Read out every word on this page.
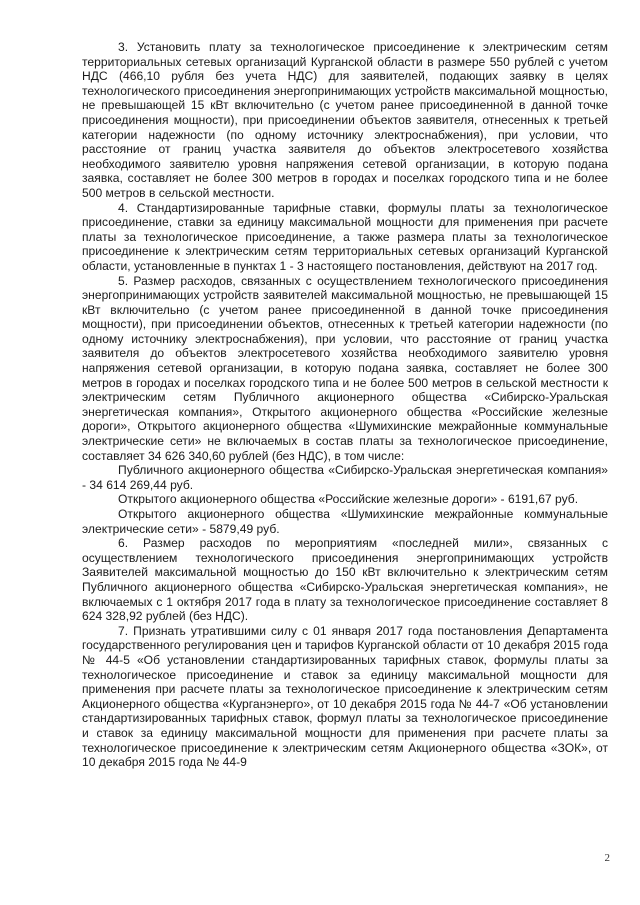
3. Установить плату за технологическое присоединение к электрическим сетям территориальных сетевых организаций Курганской области в размере 550 рублей с учетом НДС (466,10 рубля без учета НДС) для заявителей, подающих заявку в целях технологического присоединения энергопринимающих устройств максимальной мощностью, не превышающей 15 кВт включительно (с учетом ранее присоединенной в данной точке присоединения мощности), при присоединении объектов заявителя, отнесенных к третьей категории надежности (по одному источнику электроснабжения), при условии, что расстояние от границ участка заявителя до объектов электросетевого хозяйства необходимого заявителю уровня напряжения сетевой организации, в которую подана заявка, составляет не более 300 метров в городах и поселках городского типа и не более 500 метров в сельской местности.

4. Стандартизированные тарифные ставки, формулы платы за технологическое присоединение, ставки за единицу максимальной мощности для применения при расчете платы за технологическое присоединение, а также размера платы за технологическое присоединение к электрическим сетям территориальных сетевых организаций Курганской области, установленные в пунктах 1 - 3 настоящего постановления, действуют на 2017 год.

5. Размер расходов, связанных с осуществлением технологического присоединения энергопринимающих устройств заявителей максимальной мощностью, не превышающей 15 кВт включительно (с учетом ранее присоединенной в данной точке присоединения мощности), при присоединении объектов, отнесенных к третьей категории надежности (по одному источнику электроснабжения), при условии, что расстояние от границ участка заявителя до объектов электросетевого хозяйства необходимого заявителю уровня напряжения сетевой организации, в которую подана заявка, составляет не более 300 метров в городах и поселках городского типа и не более 500 метров в сельской местности к электрическим сетям Публичного акционерного общества «Сибирско-Уральская энергетическая компания», Открытого акционерного общества «Российские железные дороги», Открытого акционерного общества «Шумихинские межрайонные коммунальные электрические сети» не включаемых в состав платы за технологическое присоединение, составляет 34 626 340,60 рублей (без НДС), в том числе:

Публичного акционерного общества «Сибирско-Уральская энергетическая компания» - 34 614 269,44 руб.

Открытого акционерного общества «Российские железные дороги» - 6191,67 руб.

Открытого акционерного общества «Шумихинские межрайонные коммунальные электрические сети» - 5879,49 руб.

6. Размер расходов по мероприятиям «последней мили», связанных с осуществлением технологического присоединения энергопринимающих устройств Заявителей максимальной мощностью до 150 кВт включительно к электрическим сетям Публичного акционерного общества «Сибирско-Уральская энергетическая компания», не включаемых с 1 октября 2017 года в плату за технологическое присоединение составляет 8 624 328,92 рублей (без НДС).

7. Признать утратившими силу с 01 января 2017 года постановления Департамента государственного регулирования цен и тарифов Курганской области от 10 декабря 2015 года № 44-5 «Об установлении стандартизированных тарифных ставок, формулы платы за технологическое присоединение и ставок за единицу максимальной мощности для применения при расчете платы за технологическое присоединение к электрическим сетям Акционерного общества «Курганэнерго», от 10 декабря 2015 года № 44-7 «Об установлении стандартизированных тарифных ставок, формул платы за технологическое присоединение и ставок за единицу максимальной мощности для применения при расчете платы за технологическое присоединение к электрическим сетям Акционерного общества «ЗОК», от 10 декабря 2015 года № 44-9

2
